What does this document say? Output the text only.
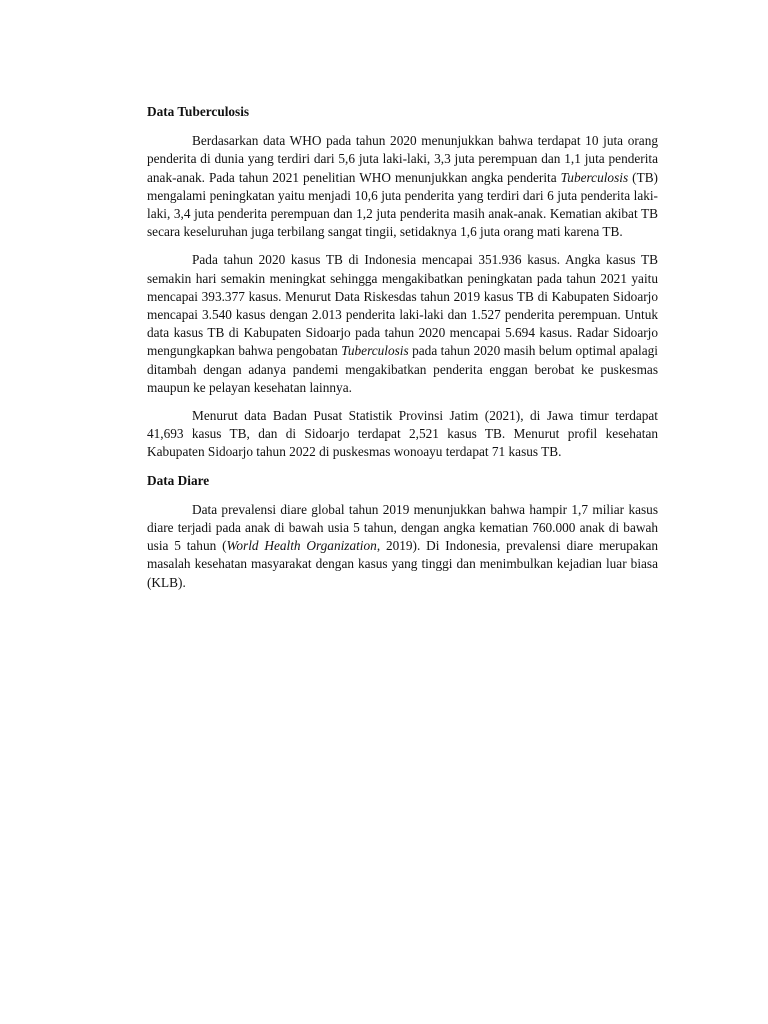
Data Tuberculosis

Berdasarkan data WHO pada tahun 2020 menunjukkan bahwa terdapat 10 juta orang penderita di dunia yang terdiri dari 5,6 juta laki-laki, 3,3 juta perempuan dan 1,1 juta penderita anak-anak. Pada tahun 2021 penelitian WHO menunjukkan angka penderita Tuberculosis (TB) mengalami peningkatan yaitu menjadi 10,6 juta penderita yang terdiri dari 6 juta penderita laki-laki, 3,4 juta penderita perempuan dan 1,2 juta penderita masih anak-anak. Kematian akibat TB secara keseluruhan juga terbilang sangat tingii, setidaknya 1,6 juta orang mati karena TB.

Pada tahun 2020 kasus TB di Indonesia mencapai 351.936 kasus. Angka kasus TB semakin hari semakin meningkat sehingga mengakibatkan peningkatan pada tahun 2021 yaitu mencapai 393.377 kasus. Menurut Data Riskesdas tahun 2019 kasus TB di Kabupaten Sidoarjo mencapai 3.540 kasus dengan 2.013 penderita laki-laki dan 1.527 penderita perempuan. Untuk data kasus TB di Kabupaten Sidoarjo pada tahun 2020 mencapai 5.694 kasus. Radar Sidoarjo mengungkapkan bahwa pengobatan Tuberculosis pada tahun 2020 masih belum optimal apalagi ditambah dengan adanya pandemi mengakibatkan penderita enggan berobat ke puskesmas maupun ke pelayan kesehatan lainnya.

Menurut data Badan Pusat Statistik Provinsi Jatim (2021), di Jawa timur terdapat 41,693 kasus TB, dan di Sidoarjo terdapat 2,521 kasus TB. Menurut profil kesehatan Kabupaten Sidoarjo tahun 2022 di puskesmas wonoayu terdapat 71 kasus TB.

Data Diare

Data prevalensi diare global tahun 2019 menunjukkan bahwa hampir 1,7 miliar kasus diare terjadi pada anak di bawah usia 5 tahun, dengan angka kematian 760.000 anak di bawah usia 5 tahun (World Health Organization, 2019). Di Indonesia, prevalensi diare merupakan masalah kesehatan masyarakat dengan kasus yang tinggi dan menimbulkan kejadian luar biasa (KLB).
